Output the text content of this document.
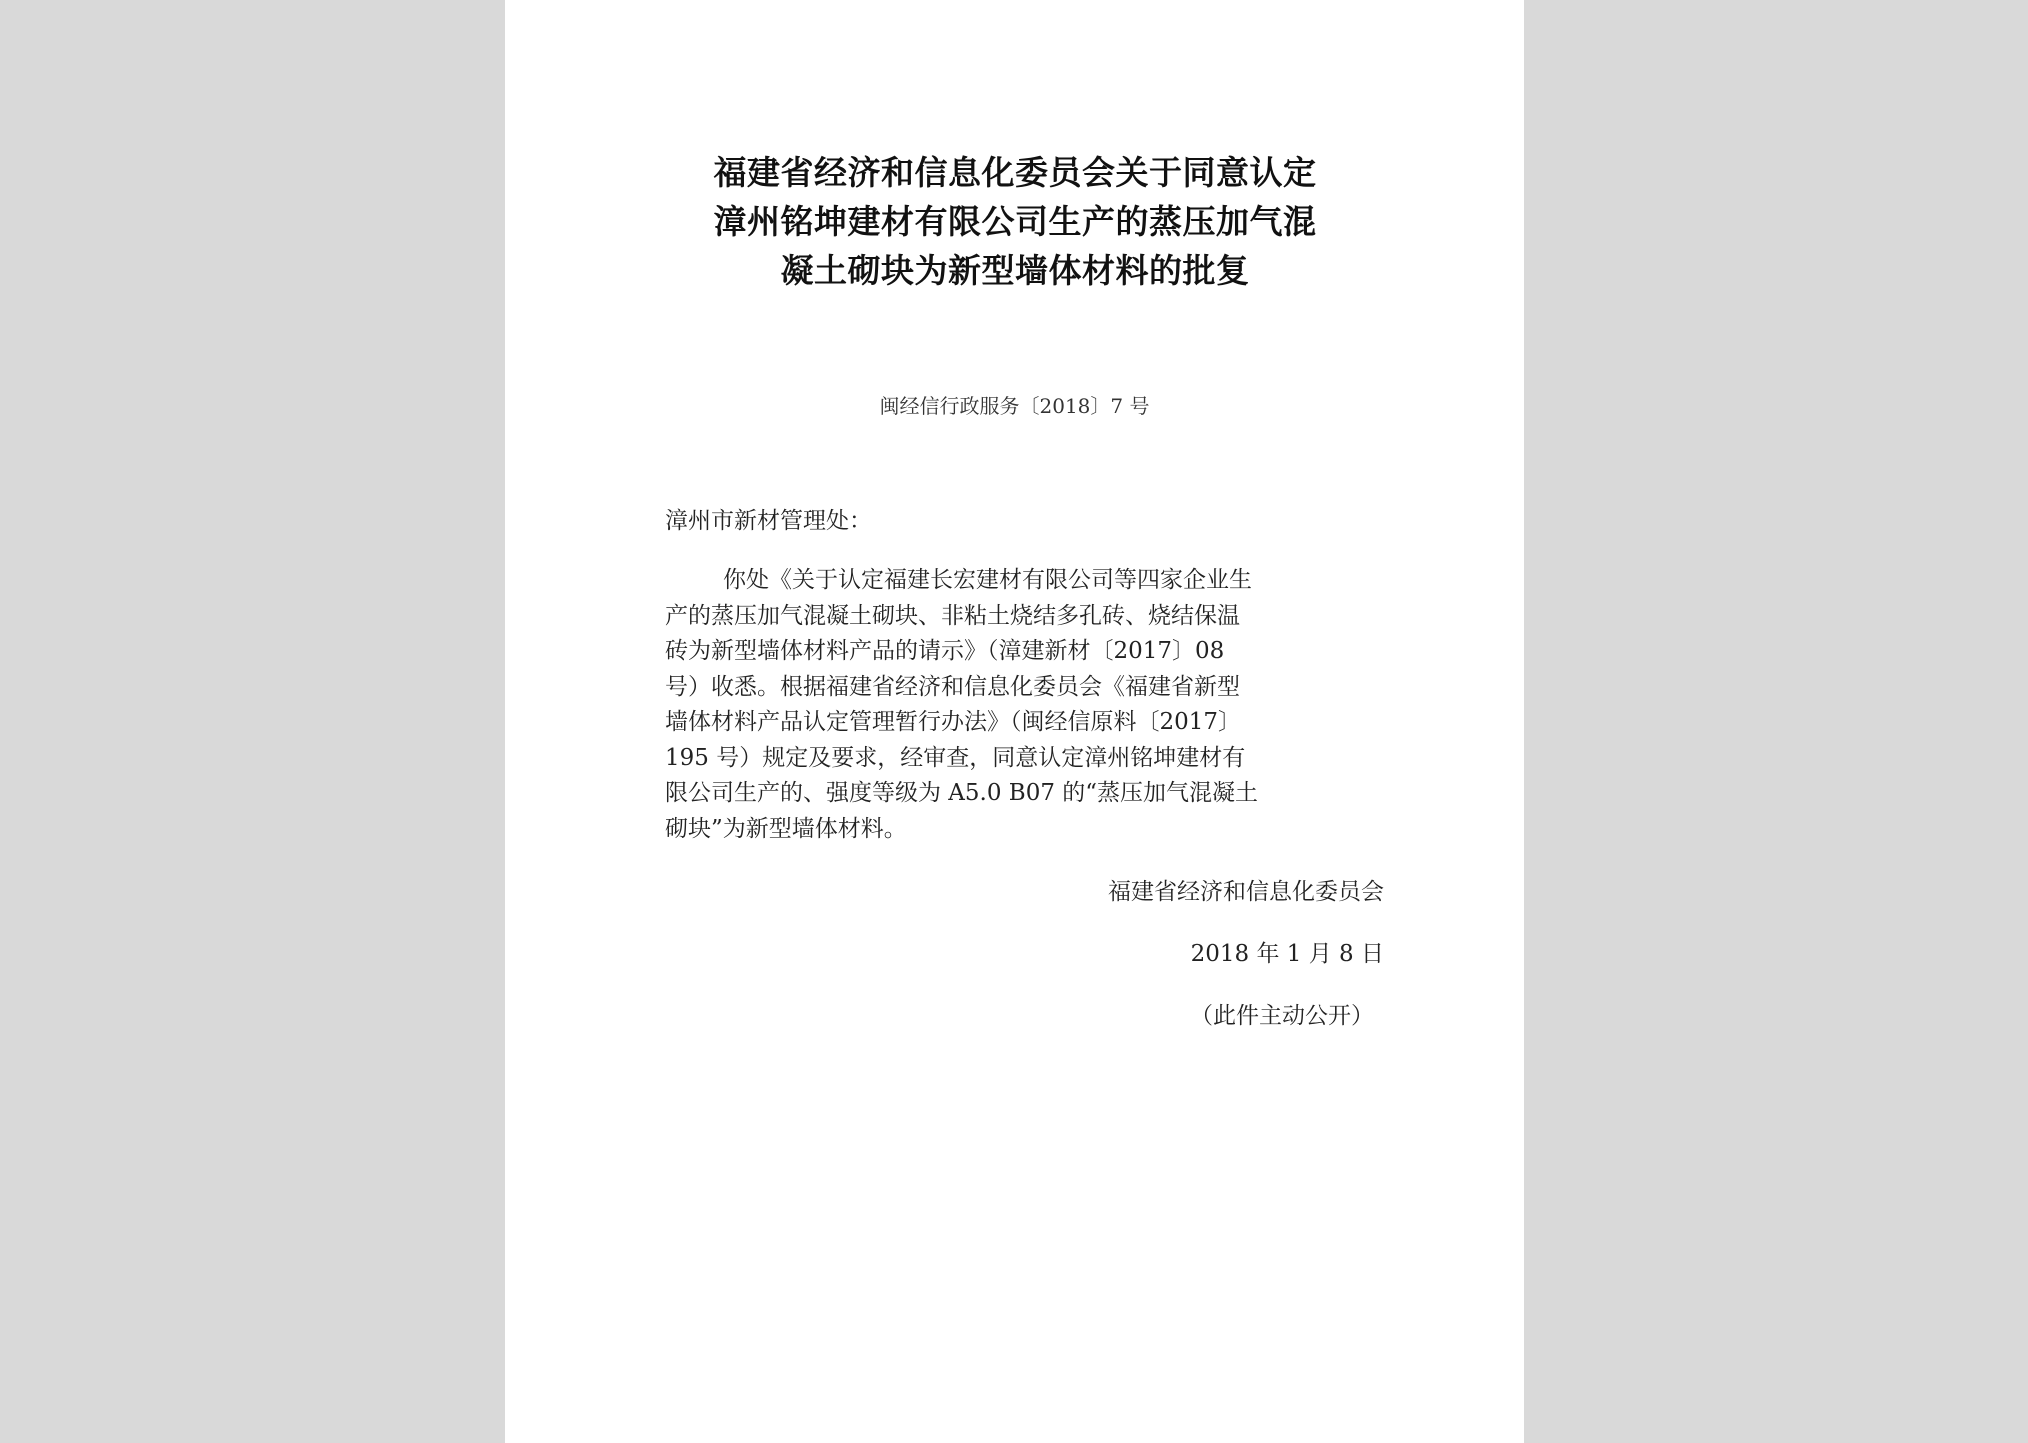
福建省经济和信息化委员会关于同意认定
漳州铭坤建材有限公司生产的蒸压加气混
凝土砌块为新型墙体材料的批复
闽经信行政服务〔2018〕7 号
漳州市新材管理处：
你处《关于认定福建长宏建材有限公司等四家企业生
产的蒸压加气混凝土砌块、非粘土烧结多孔砖、烧结保温
砖为新型墙体材料产品的请示》（漳建新材〔2017〕08
号）收悉。根据福建省经济和信息化委员会《福建省新型
墙体材料产品认定管理暂行办法》（闽经信原料〔2017〕
195 号）规定及要求，经审查，同意认定漳州铭坤建材有
限公司生产的、强度等级为 A5.0 B07 的“蒸压加气混凝土
砌块”为新型墙体材料。
福建省经济和信息化委员会
2018 年 1 月 8 日
（此件主动公开）
